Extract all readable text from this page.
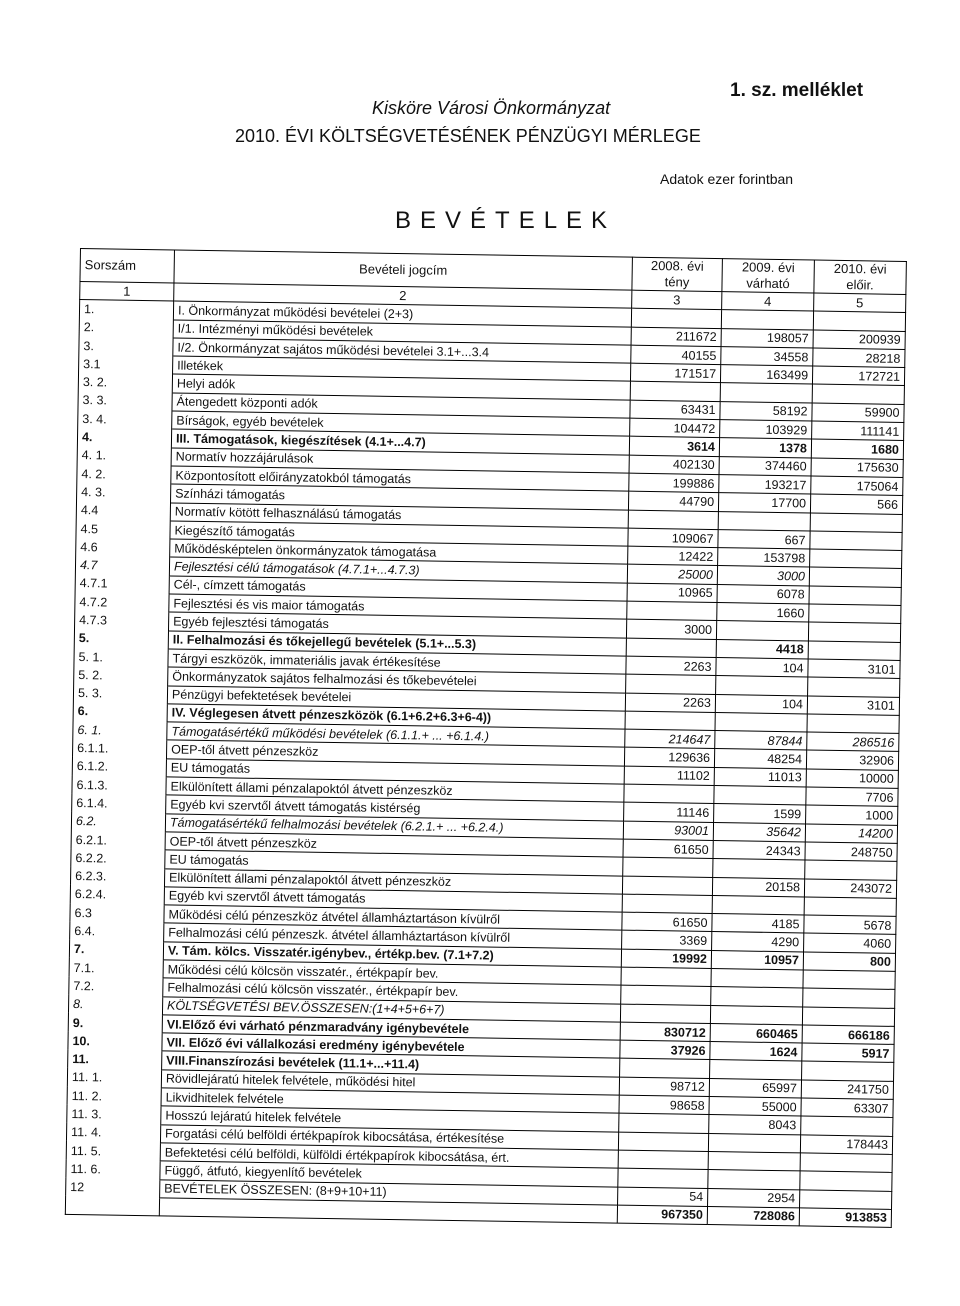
1. sz. melléklet
Kisköre Városi Önkormányzat
2010. ÉVI KÖLTSÉGVETÉSÉNEK PÉNZÜGYI MÉRLEGE
Adatok ezer forintban
BEVÉTELEK
Sorszám	Bevételi jogcím	2008. évi
tény	2009. évi
várható	2010. évi
előir.
1	2	3	4	5
1.	I. Önkormányzat működési bevételei (2+3)			
2.	I/1. Intézményi működési bevételek	211672	198057	200939
3.	I/2. Önkormányzat sajátos működési bevételei 3.1+...3.4	40155	34558	28218
3.1	Illetékek	171517	163499	172721
3. 2.	Helyi adók			
3. 3.	Átengedett központi adók	63431	58192	59900
3. 4.	Bírságok, egyéb bevételek	104472	103929	111141
4.	III. Támogatások, kiegészítések (4.1+...4.7)	3614	1378	1680
4. 1.	Normatív hozzájárulások	402130	374460	175630
4. 2.	Központosított előirányzatokból támogatás	199886	193217	175064
4. 3.	Színházi támogatás	44790	17700	566
4.4	Normatív kötött felhasználású támogatás			
4.5	Kiegészítő támogatás	109067	667	
4.6	Működésképtelen önkormányzatok támogatása	12422	153798	
4.7	Fejlesztési célú támogatások (4.7.1+...4.7.3)	25000	3000	
4.7.1	Cél-, címzett támogatás	10965	6078	
4.7.2	Fejlesztési és vis maior támogatás		1660	
4.7.3	Egyéb fejlesztési támogatás	3000		
5.	II. Felhalmozási és tőkejellegű bevételek (5.1+...5.3)		4418	
5. 1.	Tárgyi eszközök, immateriális javak értékesítése	2263	104	3101
5. 2.	Önkormányzatok sajátos felhalmozási és tőkebevételei			
5. 3.	Pénzügyi befektetések bevételei	2263	104	3101
6.	IV. Véglegesen átvett pénzeszközök (6.1+6.2+6.3+6-4))			
6. 1.	Támogatásértékű működési bevételek (6.1.1.+ ... +6.1.4.)	214647	87844	286516
6.1.1.	OEP-től átvett pénzeszköz	129636	48254	32906
6.1.2.	EU támogatás	11102	11013	10000
6.1.3.	Elkülönített állami pénzalapoktól átvett pénzeszköz			7706
6.1.4.	Egyéb kvi szervtől átvett támogatás kistérség	11146	1599	1000
6.2.	Támogatásértékű felhalmozási bevételek (6.2.1.+ ... +6.2.4.)	93001	35642	14200
6.2.1.	OEP-től átvett pénzeszköz	61650	24343	248750
6.2.2.	EU támogatás			
6.2.3.	Elkülönített állami pénzalapoktól átvett pénzeszköz		20158	243072
6.2.4.	Egyéb kvi szervtől átvett támogatás			
6.3	Működési célú pénzeszköz átvétel államháztartáson kívülről	61650	4185	5678
6.4.	Felhalmozási célú pénzeszk. átvétel államháztartáson kívülről	3369	4290	4060
7.	V. Tám. kölcs. Visszatér.igénybev., értékp.bev. (7.1+7.2)	19992	10957	800
7.1.	Működési célú kölcsön visszatér., értékpapír bev.			
7.2.	Felhalmozási célú kölcsön visszatér., értékpapír bev.			
8.	KÖLTSÉGVETÉSI BEV.ÖSSZESEN:(1+4+5+6+7)			
9.	VI.Előző évi várható pénzmaradvány igénybevétele	830712	660465	666186
10.	VII. Előző évi vállalkozási eredmény igénybevétele	37926	1624	5917
11.	VIII.Finanszírozási bevételek (11.1+...+11.4)			
11. 1.	Rövidlejáratú hitelek felvétele, működési hitel	98712	65997	241750
11. 2.	Likvidhitelek felvétele	98658	55000	63307
11. 3.	Hosszú lejáratú hitelek felvétele		8043	
11. 4.	Forgatási célú belföldi értékpapírok kibocsátása, értékesítése			178443
11. 5.	Befektetési célú belföldi, külföldi értékpapírok kibocsátása, ért.			
11. 6.	Függő, átfutó, kiegyenlítő bevételek			
12	BEVÉTELEK ÖSSZESEN: (8+9+10+11)	54	2954	
		967350	728086	913853
